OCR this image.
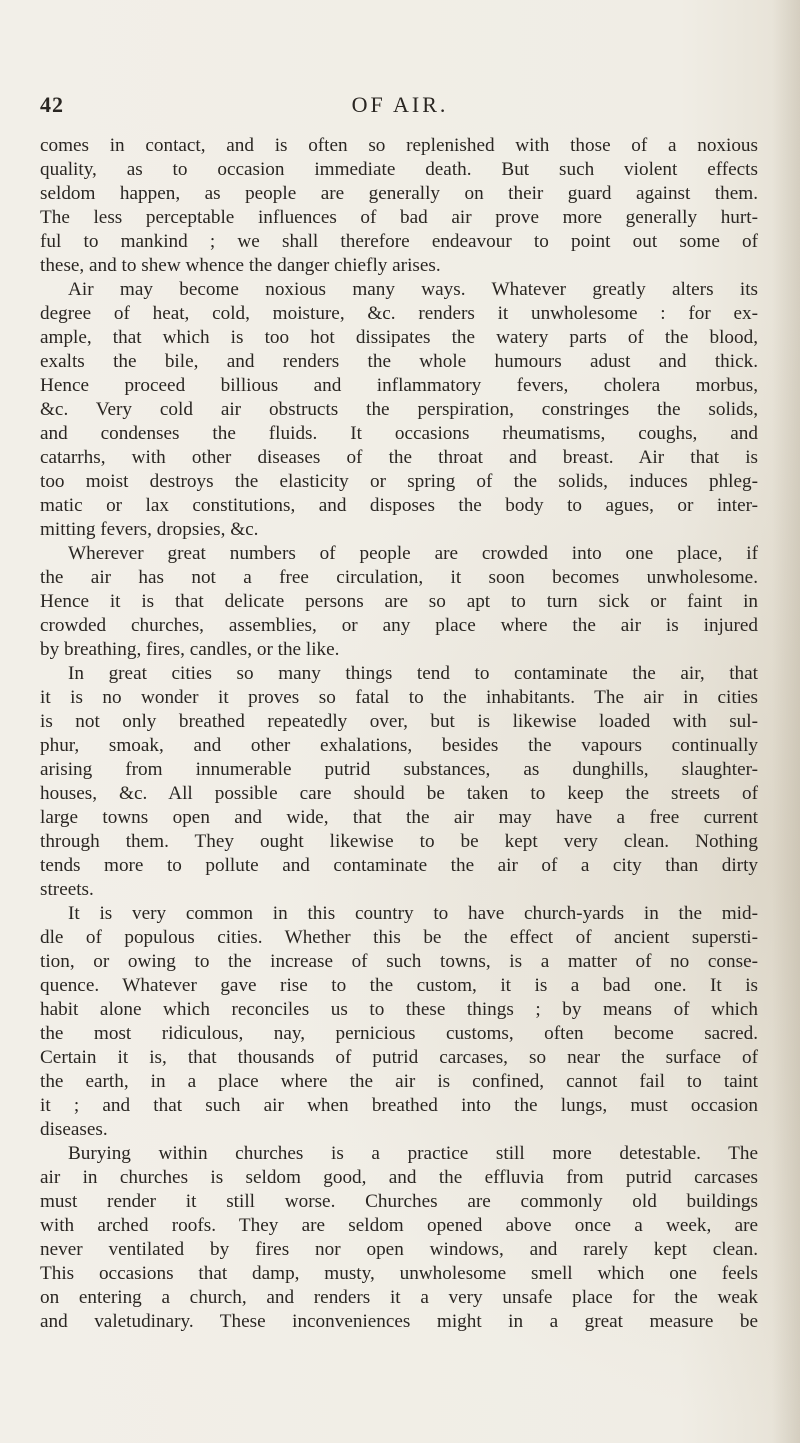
42	OF AIR.
comes in contact, and is often so replenished with those of a noxious
quality, as to occasion immediate death. But such violent effects
seldom happen, as people are generally on their guard against them.
The less perceptable influences of bad air prove more generally hurt-
ful to mankind ; we shall therefore endeavour to point out some of
these, and to shew whence the danger chiefly arises.
Air may become noxious many ways. Whatever greatly alters its
degree of heat, cold, moisture, &c. renders it unwholesome : for ex-
ample, that which is too hot dissipates the watery parts of the blood,
exalts the bile, and renders the whole humours adust and thick.
Hence proceed billious and inflammatory fevers, cholera morbus,
&c. Very cold air obstructs the perspiration, constringes the solids,
and condenses the fluids. It occasions rheumatisms, coughs, and
catarrhs, with other diseases of the throat and breast. Air that is
too moist destroys the elasticity or spring of the solids, induces phleg-
matic or lax constitutions, and disposes the body to agues, or inter-
mitting fevers, dropsies, &c.
Wherever great numbers of people are crowded into one place, if
the air has not a free circulation, it soon becomes unwholesome.
Hence it is that delicate persons are so apt to turn sick or faint in
crowded churches, assemblies, or any place where the air is injured
by breathing, fires, candles, or the like.
In great cities so many things tend to contaminate the air, that
it is no wonder it proves so fatal to the inhabitants. The air in cities
is not only breathed repeatedly over, but is likewise loaded with sul-
phur, smoak, and other exhalations, besides the vapours continually
arising from innumerable putrid substances, as dunghills, slaughter-
houses, &c. All possible care should be taken to keep the streets of
large towns open and wide, that the air may have a free current
through them. They ought likewise to be kept very clean. Nothing
tends more to pollute and contaminate the air of a city than dirty
streets.
It is very common in this country to have church-yards in the mid-
dle of populous cities. Whether this be the effect of ancient supersti-
tion, or owing to the increase of such towns, is a matter of no conse-
quence. Whatever gave rise to the custom, it is a bad one. It is
habit alone which reconciles us to these things ; by means of which
the most ridiculous, nay, pernicious customs, often become sacred.
Certain it is, that thousands of putrid carcases, so near the surface of
the earth, in a place where the air is confined, cannot fail to taint
it ; and that such air when breathed into the lungs, must occasion
diseases.
Burying within churches is a practice still more detestable. The
air in churches is seldom good, and the effluvia from putrid carcases
must render it still worse. Churches are commonly old buildings
with arched roofs. They are seldom opened above once a week, are
never ventilated by fires nor open windows, and rarely kept clean.
This occasions that damp, musty, unwholesome smell which one feels
on entering a church, and renders it a very unsafe place for the weak
and valetudinary. These inconveniences might in a great measure be
